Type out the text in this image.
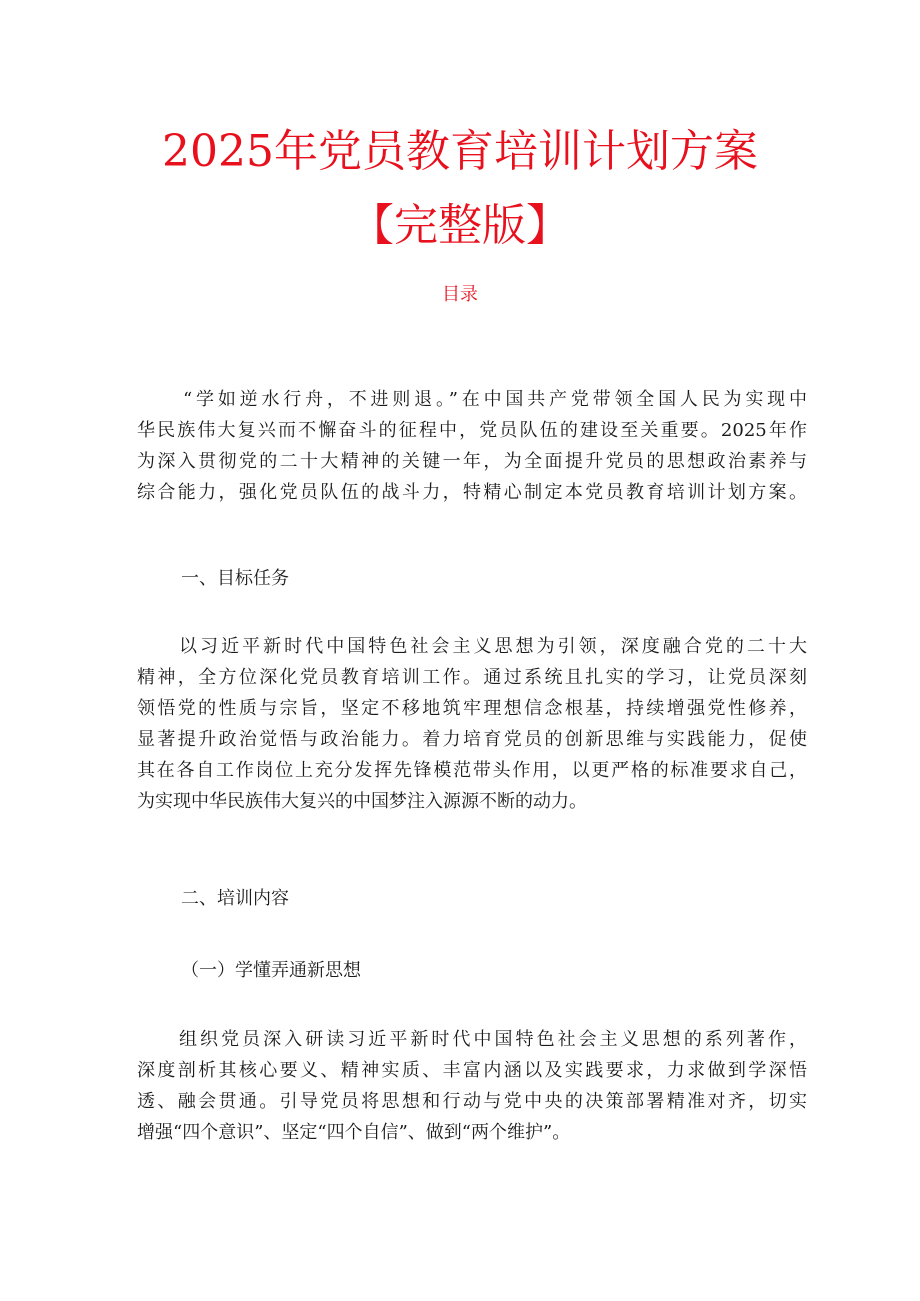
2025年党员教育培训计划方案
【完整版】
目录
“学如逆水行舟，不进则退。”在中国共产党带领全国人民为实现中
华民族伟大复兴而不懈奋斗的征程中，党员队伍的建设至关重要。2025年作
为深入贯彻党的二十大精神的关键一年，为全面提升党员的思想政治素养与
综合能力，强化党员队伍的战斗力，特精心制定本党员教育培训计划方案。
一、目标任务
以习近平新时代中国特色社会主义思想为引领，深度融合党的二十大
精神，全方位深化党员教育培训工作。通过系统且扎实的学习，让党员深刻
领悟党的性质与宗旨，坚定不移地筑牢理想信念根基，持续增强党性修养，
显著提升政治觉悟与政治能力。着力培育党员的创新思维与实践能力，促使
其在各自工作岗位上充分发挥先锋模范带头作用，以更严格的标准要求自己，
为实现中华民族伟大复兴的中国梦注入源源不断的动力。
二、培训内容
（一）学懂弄通新思想
组织党员深入研读习近平新时代中国特色社会主义思想的系列著作，
深度剖析其核心要义、精神实质、丰富内涵以及实践要求，力求做到学深悟
透、融会贯通。引导党员将思想和行动与党中央的决策部署精准对齐，切实
增强“四个意识”、坚定“四个自信”、做到“两个维护”。
